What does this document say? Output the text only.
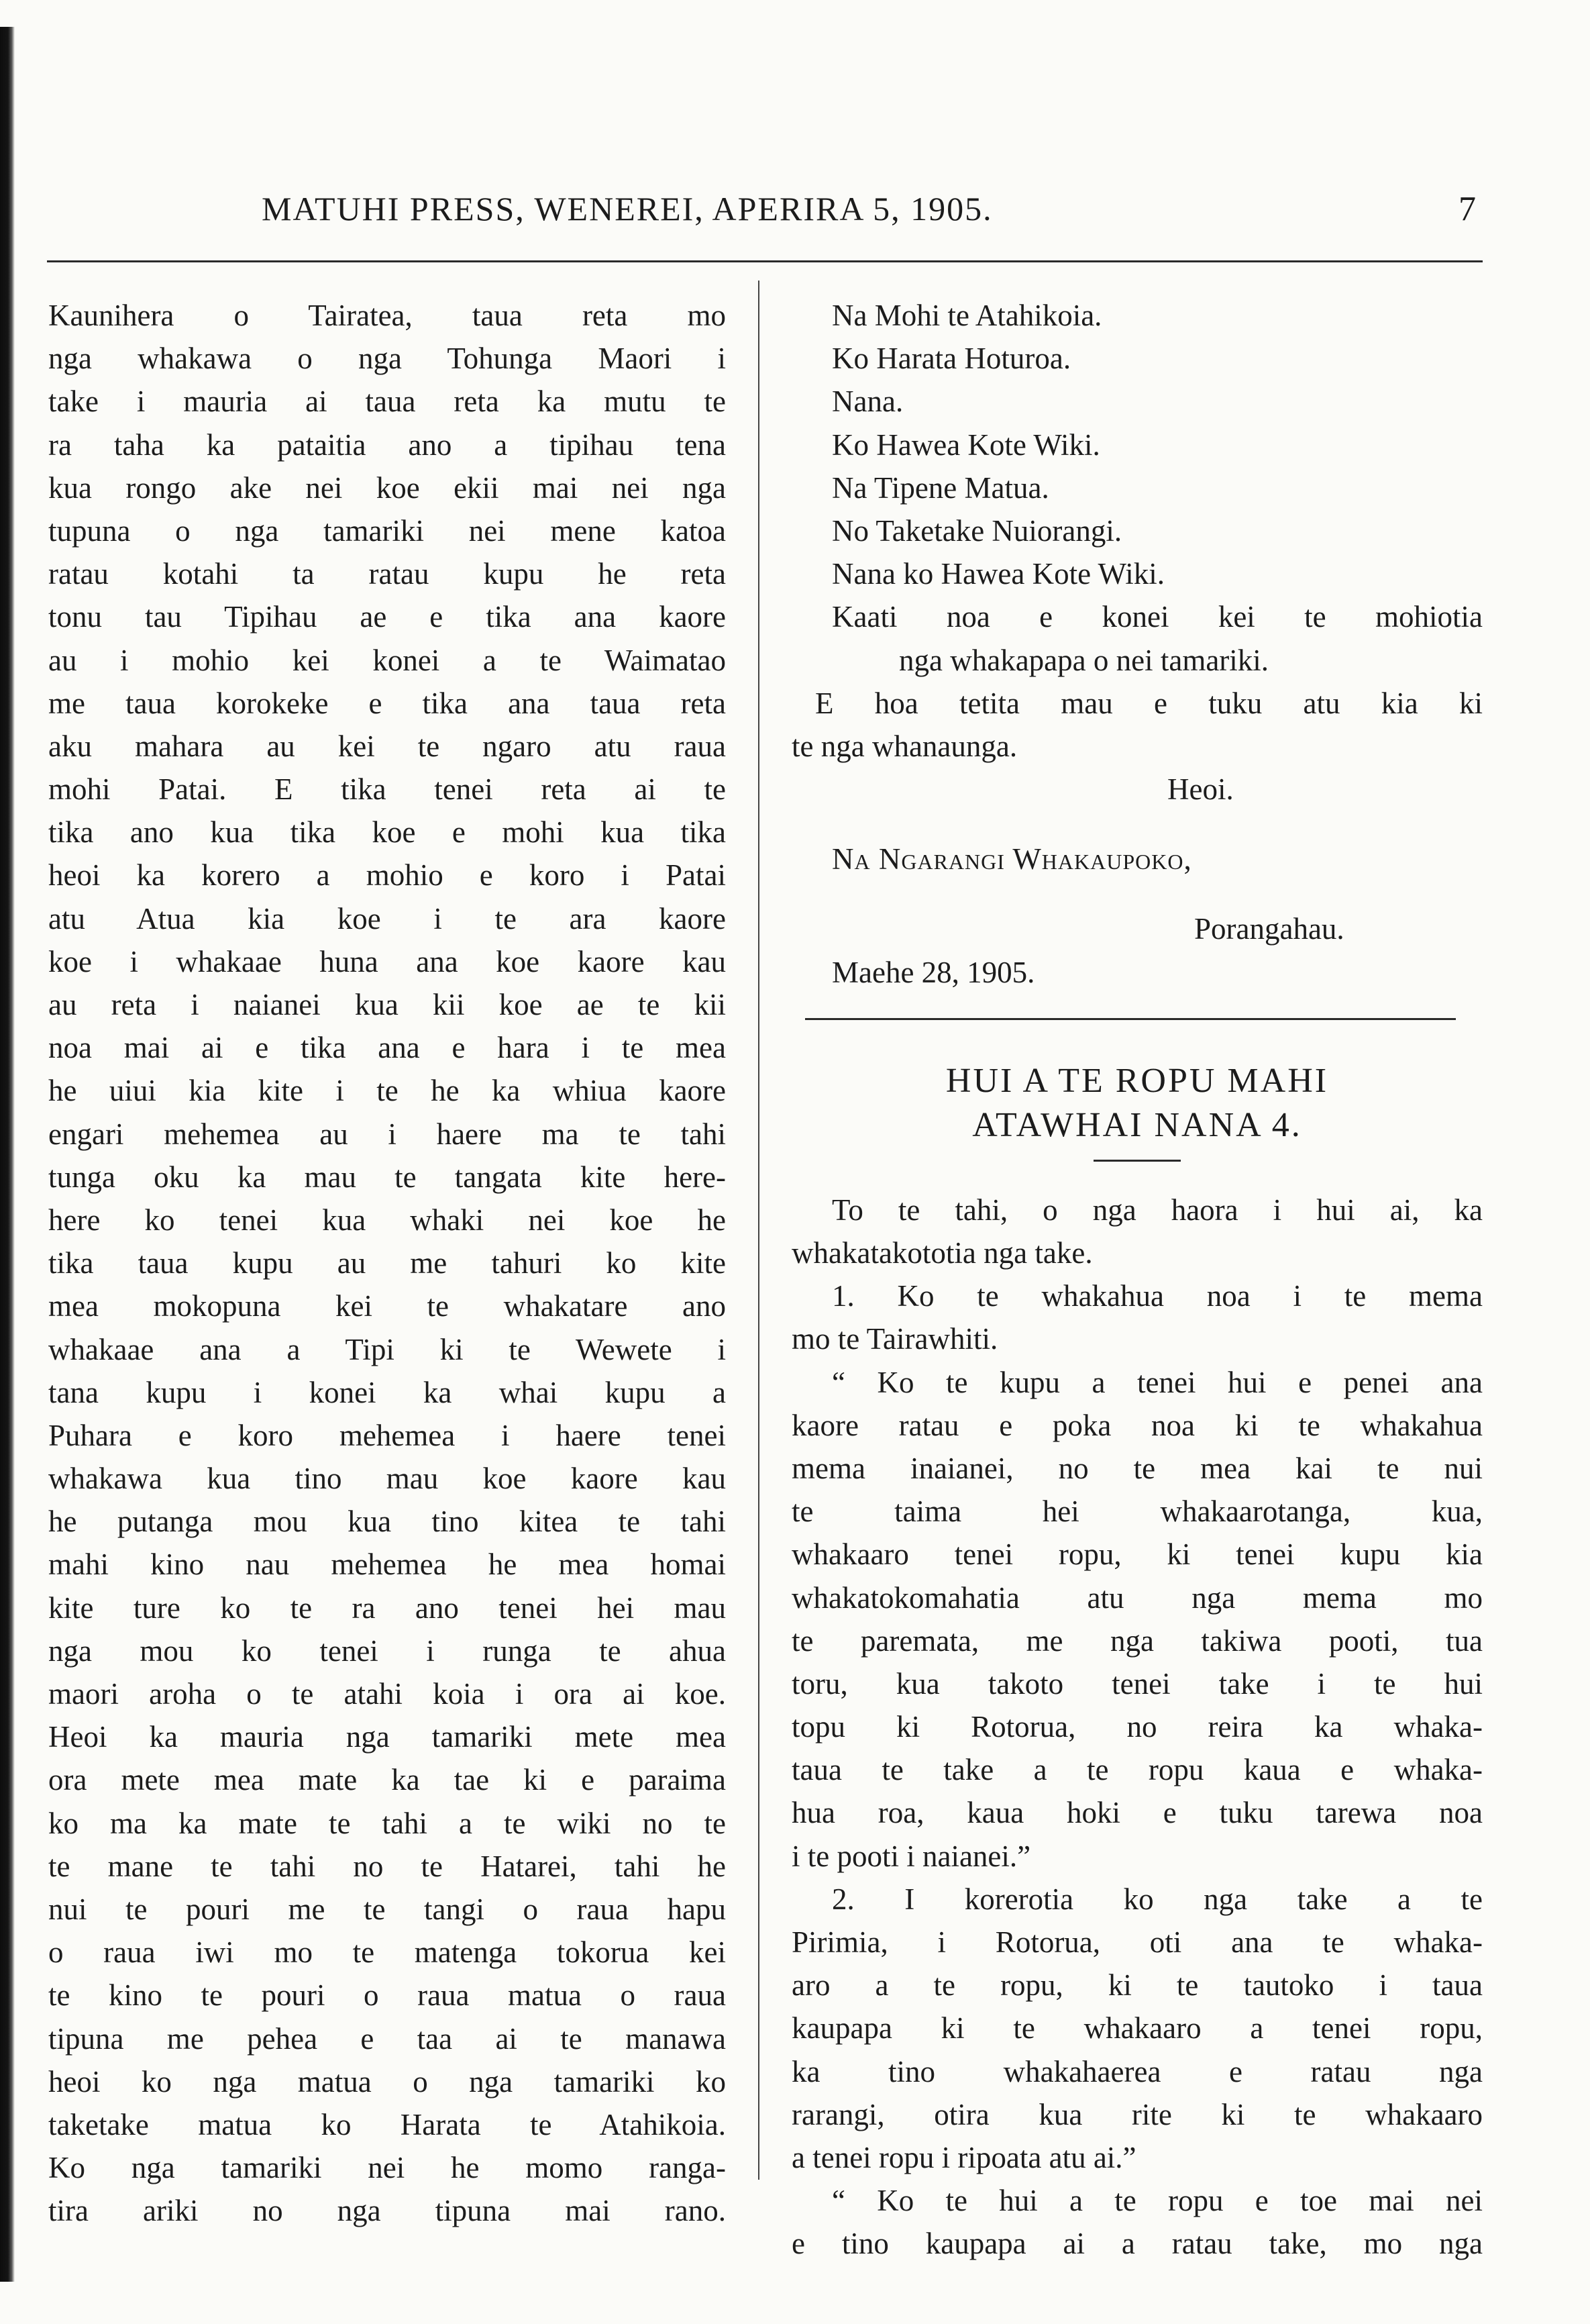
MATUHI PRESS, WENEREI, APERIRA 5, 1905.	7
Kaunihera o Tairatea, taua reta mo
nga whakawa o nga Tohunga Maori i
take i mauria ai taua reta ka mutu te
ra taha ka pataitia ano a tipihau tena
kua rongo ake nei koe ekii mai nei nga
tupuna o nga tamariki nei mene katoa
ratau kotahi ta ratau kupu he reta
tonu tau Tipihau ae e tika ana kaore
au i mohio kei konei a te Waimatao
me taua korokeke e tika ana taua reta
aku mahara au kei te ngaro atu raua
mohi Patai. E tika tenei reta ai te
tika ano kua tika koe e mohi kua tika
heoi ka korero a mohio e koro i Patai
atu Atua kia koe i te ara kaore
koe i whakaae huna ana koe kaore kau
au reta i naianei kua kii koe ae te kii
noa mai ai e tika ana e hara i te mea
he uiui kia kite i te he ka whiua kaore
engari mehemea au i haere ma te tahi
tunga oku ka mau te tangata kite here-
here ko tenei kua whaki nei koe he
tika taua kupu au me tahuri ko kite
mea mokopuna kei te whakatare ano
whakaae ana a Tipi ki te Wewete i
tana kupu i konei ka whai kupu a
Puhara e koro mehemea i haere tenei
whakawa kua tino mau koe kaore kau
he putanga mou kua tino kitea te tahi
mahi kino nau mehemea he mea homai
kite ture ko te ra ano tenei hei mau
nga mou ko tenei i runga te ahua
maori aroha o te atahi koia i ora ai koe.
Heoi ka mauria nga tamariki mete mea
ora mete mea mate ka tae ki e paraima
ko ma ka mate te tahi a te wiki no te
te mane te tahi no te Hatarei, tahi he
nui te pouri me te tangi o raua hapu
o raua iwi mo te matenga tokorua kei
te kino te pouri o raua matua o raua
tipuna me pehea e taa ai te manawa
heoi ko nga matua o nga tamariki ko
taketake matua ko Harata te Atahikoia.
Ko nga tamariki nei he momo ranga-
tira ariki no nga tipuna mai rano.
Na Mohi te Atahikoia.
Ko Harata Hoturoa.
Nana.
Ko Hawea Kote Wiki.
Na Tipene Matua.
No Taketake Nuiorangi.
Nana ko Hawea Kote Wiki.
Kaati noa e konei kei te mohiotia
nga whakapapa o nei tamariki.
E hoa tetita mau e tuku atu kia ki
te nga whanaunga.
Heoi.
Na Ngarangi Whakaupoko,
Porangahau.
Maehe 28, 1905.
HUI A TE ROPU MAHI
ATAWHAI NANA 4.
To te tahi, o nga haora i hui ai, ka
whakatakototia nga take.
1. Ko te whakahua noa i te mema
mo te Tairawhiti.
“ Ko te kupu a tenei hui e penei ana
kaore ratau e poka noa ki te whakahua
mema inaianei, no te mea kai te nui
te taima hei whakaarotanga, kua,
whakaaro tenei ropu, ki tenei kupu kia
whakatokomahatia atu nga mema mo
te paremata, me nga takiwa pooti, tua
toru, kua takoto tenei take i te hui
topu ki Rotorua, no reira ka whaka-
taua te take a te ropu kaua e whaka-
hua roa, kaua hoki e tuku tarewa noa
i te pooti i naianei.”
2. I korerotia ko nga take a te
Pirimia, i Rotorua, oti ana te whaka-
aro a te ropu, ki te tautoko i taua
kaupapa ki te whakaaro a tenei ropu,
ka tino whakahaerea e ratau nga
rarangi, otira kua rite ki te whakaaro
a tenei ropu i ripoata atu ai.”
“ Ko te hui a te ropu e toe mai nei
e tino kaupapa ai a ratau take, mo nga
